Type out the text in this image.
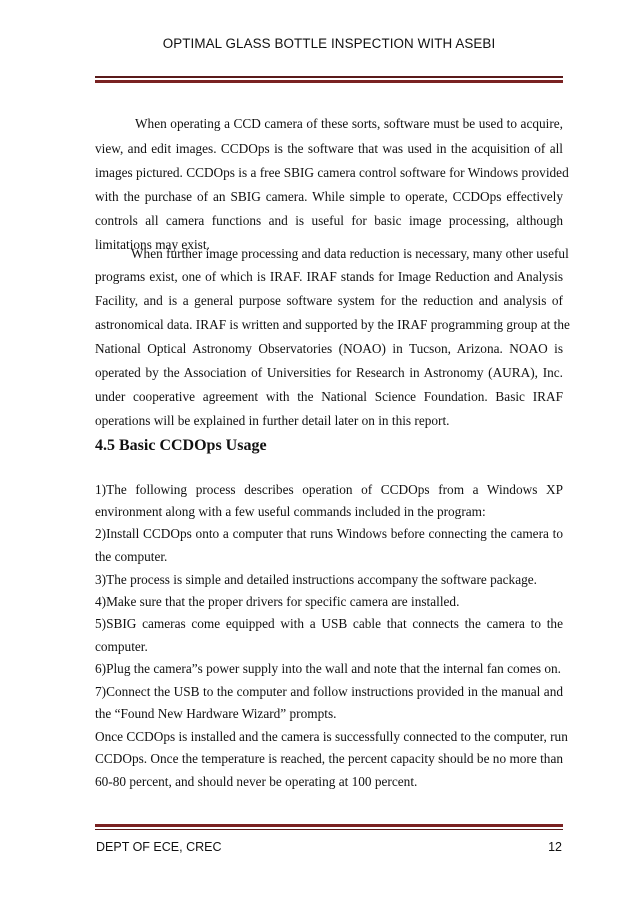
OPTIMAL GLASS BOTTLE INSPECTION WITH ASEBI
When operating a CCD camera of these sorts, software must be used to acquire,
view, and edit images. CCDOps is the software that was used in the acquisition of all
images pictured. CCDOps is a free SBIG camera control software for Windows provided
with the purchase of an SBIG camera. While simple to operate, CCDOps effectively
controls all camera functions and is useful for basic image processing, although
limitations may exist.
When further image processing and data reduction is necessary, many other useful
programs exist, one of which is IRAF. IRAF stands for Image Reduction and Analysis
Facility, and is a general purpose software system for the reduction and analysis of
astronomical data. IRAF is written and supported by the IRAF programming group at the
National Optical Astronomy Observatories (NOAO) in Tucson, Arizona. NOAO is
operated by the Association of Universities for Research in Astronomy (AURA), Inc.
under cooperative agreement with the National Science Foundation. Basic IRAF
operations will be explained in further detail later on in this report.
4.5 Basic CCDOps Usage
1)The following process describes operation of CCDOps from a Windows XP
environment along with a few useful commands included in the program:
2)Install CCDOps onto a computer that runs Windows before connecting the camera to
the computer.
3)The process is simple and detailed instructions accompany the software package.
4)Make sure that the proper drivers for specific camera are installed.
5)SBIG cameras come equipped with a USB cable that connects the camera to the
computer.
6)Plug the camera”s power supply into the wall and note that the internal fan comes on.
7)Connect the USB to the computer and follow instructions provided in the manual and
the “Found New Hardware Wizard” prompts.
Once CCDOps is installed and the camera is successfully connected to the computer, run
CCDOps. Once the temperature is reached, the percent capacity should be no more than
60-80 percent, and should never be operating at 100 percent.
DEPT OF ECE, CREC	12
